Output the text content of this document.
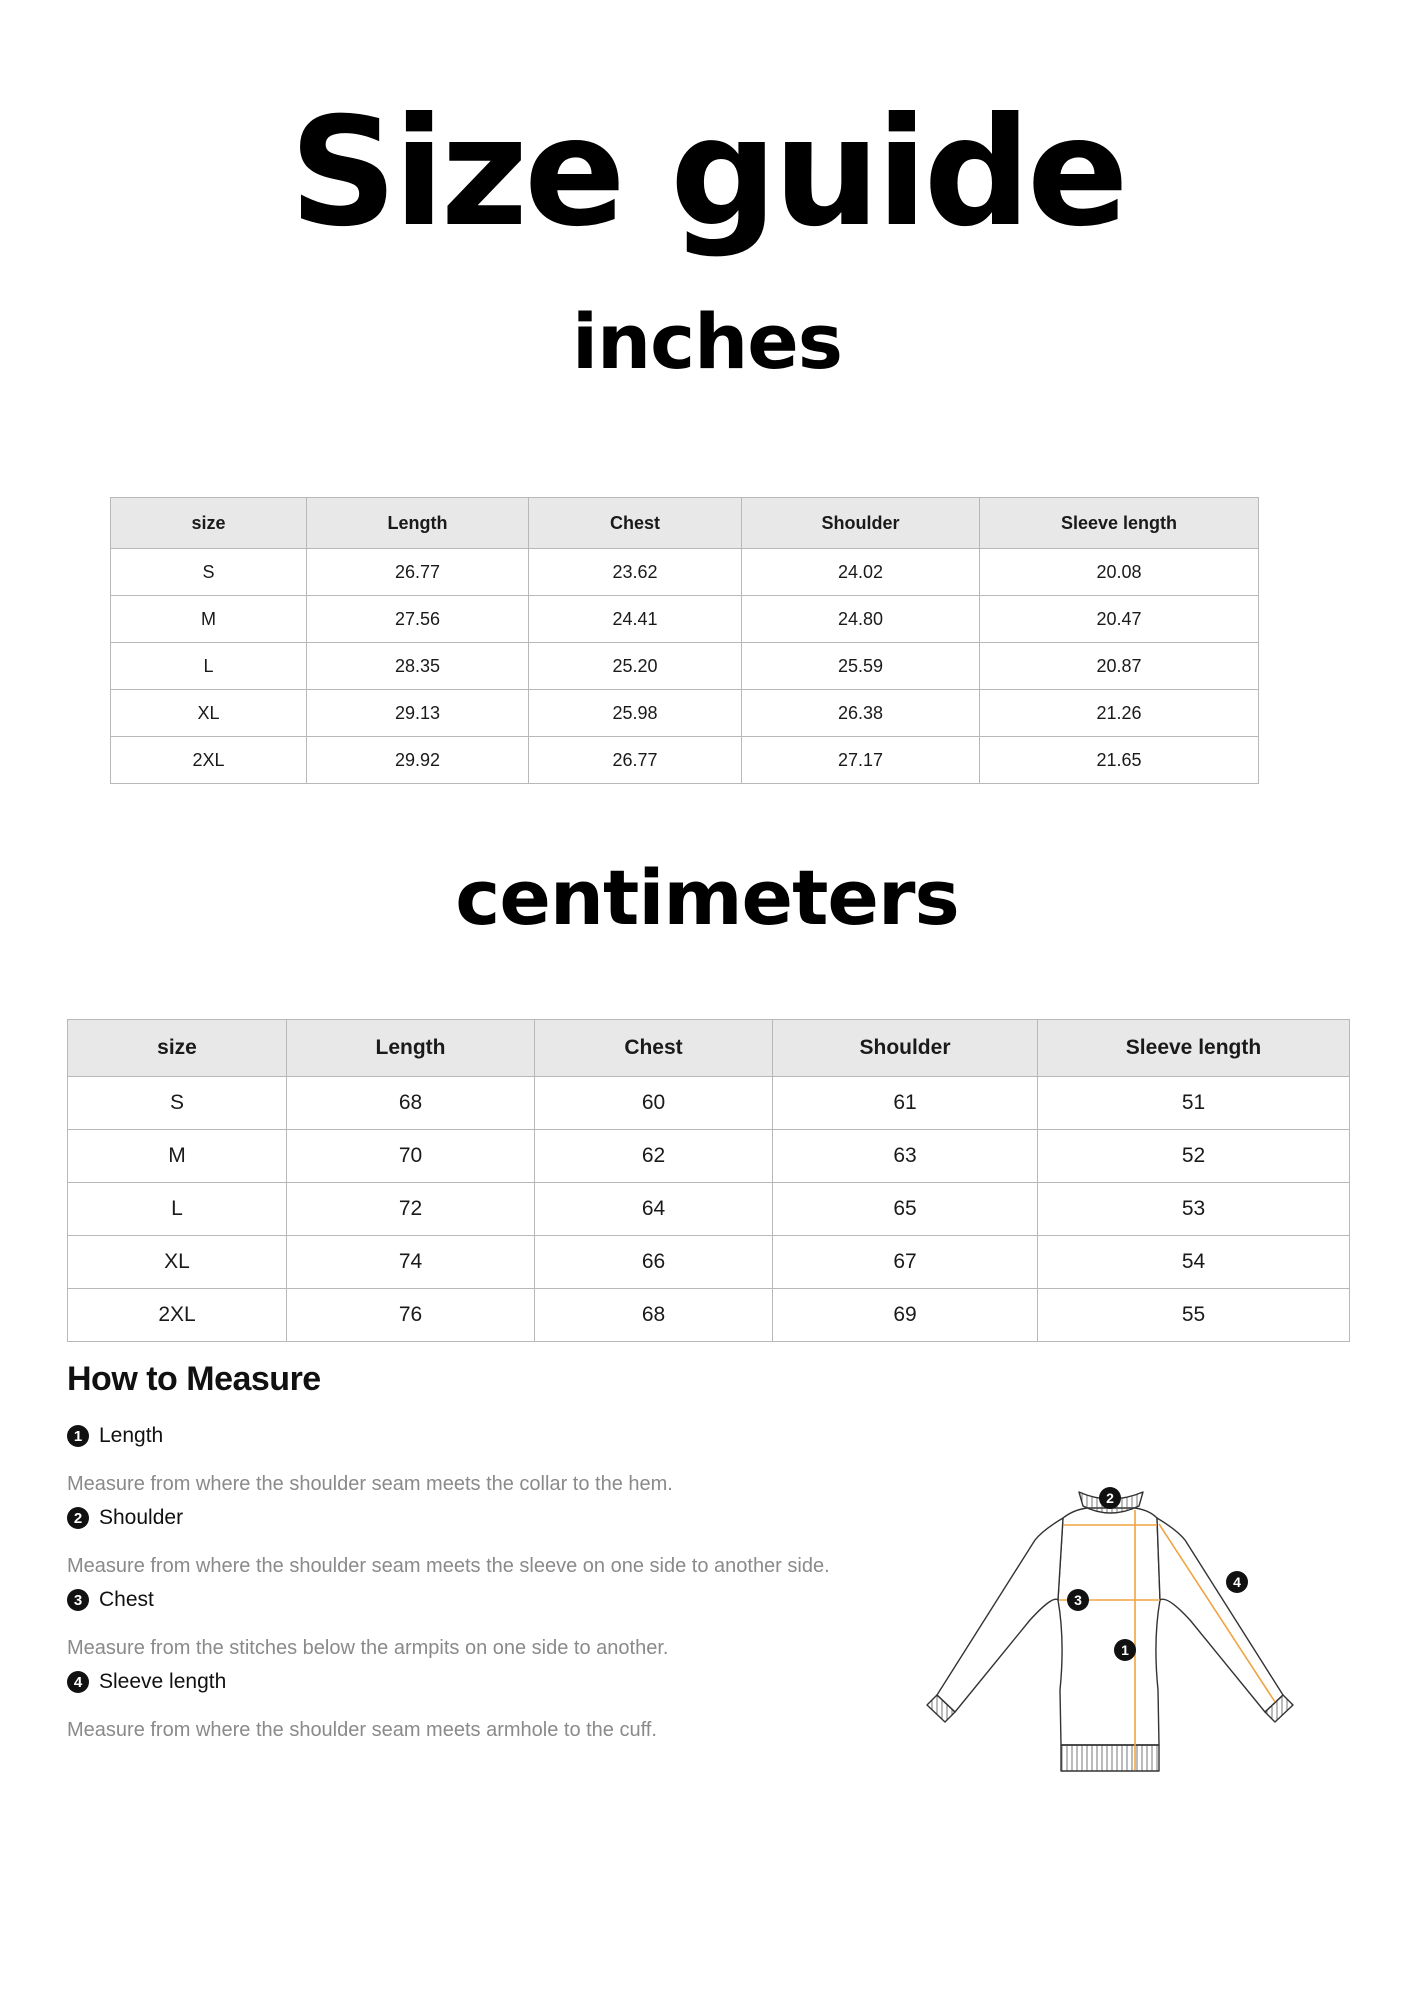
Size guide
inches
size	Length	Chest	Shoulder	Sleeve length
S	26.77	23.62	24.02	20.08
M	27.56	24.41	24.80	20.47
L	28.35	25.20	25.59	20.87
XL	29.13	25.98	26.38	21.26
2XL	29.92	26.77	27.17	21.65
centimeters
size	Length	Chest	Shoulder	Sleeve length
S	68	60	61	51
M	70	62	63	52
L	72	64	65	53
XL	74	66	67	54
2XL	76	68	69	55
How to Measure
1 Length
Measure from where the shoulder seam meets the collar to the hem.
2 Shoulder
Measure from where the shoulder seam meets the sleeve on one side to another side.
3 Chest
Measure from the stitches below the armpits on one side to another.
4 Sleeve length
Measure from where the shoulder seam meets armhole to the cuff.
1
2
3
4
